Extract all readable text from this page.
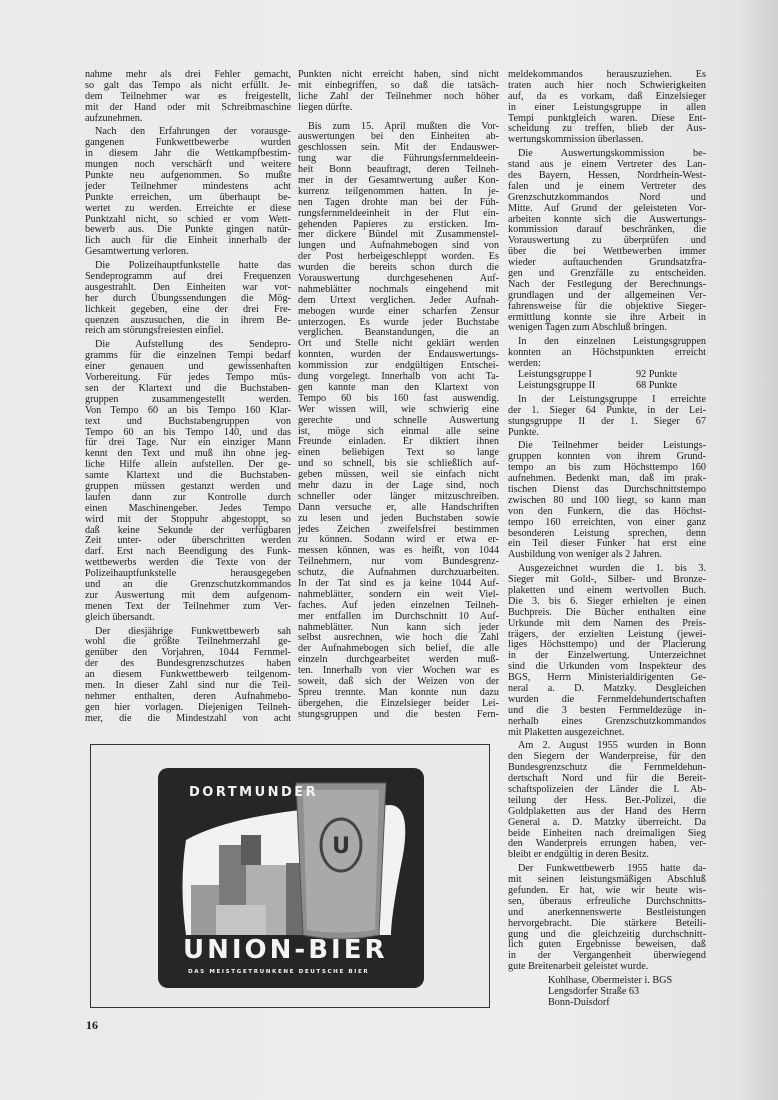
nahme mehr als drei Fehler gemacht,
so galt das Tempo als nicht erfüllt. Je-
dem Teilnehmer war es freigestellt,
mit der Hand oder mit Schreibmaschine
aufzunehmen.
Nach den Erfahrungen der vorausge-
gangenen Funkwettbewerbe wurden
in diesem Jahr die Wettkampfbestim-
mungen noch verschärft und weitere
Punkte neu aufgenommen. So mußte
jeder Teilnehmer mindestens acht
Punkte erreichen, um überhaupt be-
wertet zu werden. Erreichte er diese
Punktzahl nicht, so schied er vom Wett-
bewerb aus. Die Punkte gingen natür-
lich auch für die Einheit innerhalb der
Gesamtwertung verloren.
Die Polizeihauptfunkstelle hatte das
Sendeprogramm auf drei Frequenzen
ausgestrahlt. Den Einheiten war vor-
her durch Übungssendungen die Mög-
lichkeit gegeben, eine der drei Fre-
quenzen auszusuchen, die in ihrem Be-
reich am störungsfreiesten einfiel.
Die Aufstellung des Sendepro-
gramms für die einzelnen Tempi bedarf
einer genauen und gewissenhaften
Vorbereitung. Für jedes Tempo müs-
sen der Klartext und die Buchstaben-
gruppen zusammengestellt werden.
Von Tempo 60 an bis Tempo 160 Klar-
text und Buchstabengruppen von
Tempo 60 an bis Tempo 140, und das
für drei Tage. Nur ein einziger Mann
kennt den Text und muß ihn ohne jeg-
liche Hilfe allein aufstellen. Der ge-
samte Klartext und die Buchstaben-
gruppen müssen gestanzt werden und
laufen dann zur Kontrolle durch
einen Maschinengeber. Jedes Tempo
wird mit der Stoppuhr abgestoppt, so
daß keine Sekunde der verfügbaren
Zeit unter- oder überschritten werden
darf. Erst nach Beendigung des Funk-
wettbewerbs werden die Texte von der
Polizeihauptfunkstelle herausgegeben
und an die Grenzschutzkommandos
zur Auswertung mit dem aufgenom-
menen Text der Teilnehmer zum Ver-
gleich übersandt.
Der diesjährige Funkwettbewerb sah
wohl die größte Teilnehmerzahl ge-
genüber den Vorjahren, 1044 Fernmel-
der des Bundesgrenzschutzes haben
an diesem Funkwettbewerb teilgenom-
men. In dieser Zahl sind nur die Teil-
nehmer enthalten, deren Aufnahmebo-
gen hier vorlagen. Diejenigen Teilneh-
mer, die die Mindestzahl von acht
Punkten nicht erreicht haben, sind nicht
mit einbegriffen, so daß die tatsäch-
liche Zahl der Teilnehmer noch höher
liegen dürfte.
Bis zum 15. April mußten die Vor-
auswertungen bei den Einheiten ab-
geschlossen sein. Mit der Endauswer-
tung war die Führungsfernmeldeein-
heit Bonn beauftragt, deren Teilneh-
mer in der Gesamtwertung außer Kon-
kurrenz teilgenommen hatten. In je-
nen Tagen drohte man bei der Füh-
rungsfernmeldeeinheit in der Flut ein-
gehenden Papieres zu ersticken. Im-
mer dickere Bündel mit Zusammenstel-
lungen und Aufnahmebogen sind von
der Post herbeigeschleppt worden. Es
wurden die bereits schon durch die
Vorauswertung durchgesehenen Auf-
nahmeblätter nochmals eingehend mit
dem Urtext verglichen. Jeder Aufnah-
mebogen wurde einer scharfen Zensur
unterzogen. Es wurde jeder Buchstabe
verglichen. Beanstandungen, die an
Ort und Stelle nicht geklärt werden
konnten, wurden der Endauswertungs-
kommission zur endgültigen Entschei-
dung vorgelegt. Innerhalb von acht Ta-
gen kannte man den Klartext von
Tempo 60 bis 160 fast auswendig.
Wer wissen will, wie schwierig eine
gerechte und schnelle Auswertung
ist, möge sich einmal alle seine
Freunde einladen. Er diktiert ihnen
einen beliebigen Text so lange
und so schnell, bis sie schließlich auf-
geben müssen, weil sie einfach nicht
mehr dazu in der Lage sind, noch
schneller oder länger mitzuschreiben.
Dann versuche er, alle Handschriften
zu lesen und jeden Buchstaben sowie
jedes Zeichen zweifelsfrei bestimmen
zu können. Sodann wird er etwa er-
messen können, was es heißt, von 1044
Teilnehmern, nur vom Bundesgrenz-
schutz, die Aufnahmen durchzuarbeiten.
In der Tat sind es ja keine 1044 Auf-
nahmeblätter, sondern ein weit Viel-
faches. Auf jeden einzelnen Teilneh-
mer entfallen im Durchschnitt 10 Auf-
nahmeblätter. Nun kann sich jeder
selbst ausrechnen, wie hoch die Zahl
der Aufnahmebogen sich belief, die alle
einzeln durchgearbeitet werden muß-
ten. Innerhalb von vier Wochen war es
soweit, daß sich der Weizen von der
Spreu trennte. Man konnte nun dazu
übergehen, die Einzelsieger beider Lei-
stungsgruppen und die besten Fern-
meldekommandos herauszuziehen. Es
traten auch hier noch Schwierigkeiten
auf, da es vorkam, daß Einzelsieger
in einer Leistungsgruppe in allen
Tempi punktgleich waren. Diese Ent-
scheidung zu treffen, blieb der Aus-
wertungskommission überlassen.
Die Auswertungskommission be-
stand aus je einem Vertreter des Lan-
des Bayern, Hessen, Nordrhein-West-
falen und je einem Vertreter des
Grenzschutzkommandos Nord und
Mitte. Auf Grund der geleisteten Vor-
arbeiten konnte sich die Auswertungs-
kommission darauf beschränken, die
Vorauswertung zu überprüfen und
über die bei Wettbewerben immer
wieder auftauchenden Grundsatzfra-
gen und Grenzfälle zu entscheiden.
Nach der Festlegung der Berechnungs-
grundlagen und der allgemeinen Ver-
fahrensweise für die objektive Sieger-
ermittlung konnte sie ihre Arbeit in
wenigen Tagen zum Abschluß bringen.
In den einzelnen Leistungsgruppen
konnten an Höchstpunkten erreicht
werden:
Leistungsgruppe I	92 Punkte
Leistungsgruppe II	68 Punkte
In der Leistungsgruppe I erreichte
der 1. Sieger 64 Punkte, in der Lei-
stungsgruppe II der 1. Sieger 67
Punkte.
Die Teilnehmer beider Leistungs-
gruppen konnten von ihrem Grund-
tempo an bis zum Höchsttempo 160
aufnehmen. Bedenkt man, daß im prak-
tischen Dienst das Durchschnittstempo
zwischen 80 und 100 liegt, so kann man
von den Funkern, die das Höchst-
tempo 160 erreichten, von einer ganz
besonderen Leistung sprechen, denn
ein Teil dieser Funker hat erst eine
Ausbildung von weniger als 2 Jahren.
Ausgezeichnet wurden die 1. bis 3.
Sieger mit Gold-, Silber- und Bronze-
plaketten und einem wertvollen Buch.
Die 3. bis 6. Sieger erhielten je einen
Buchpreis. Die Bücher enthalten eine
Urkunde mit dem Namen des Preis-
trägers, der erzielten Leistung (jewei-
liges Höchsttempo) und der Placierung
in der Einzelwertung. Unterzeichnet
sind die Urkunden vom Inspekteur des
BGS, Herrn Ministerialdirigenten Ge-
neral a. D. Matzky. Desgleichen
wurden die Fernmeldehundertschaften
und die 3 besten Fernmeldezüge in-
nerhalb eines Grenzschutzkommandos
mit Plaketten ausgezeichnet.
Am 2. August 1955 wurden in Bonn
den Siegern der Wanderpreise, für den
Bundesgrenzschutz die Fernmeldehun-
dertschaft Nord und für die Bereit-
schaftspolizeien der Länder die I. Ab-
teilung der Hess. Ber.-Polizei, die
Goldplaketten aus der Hand des Herrn
General a. D. Matzky überreicht. Da
beide Einheiten nach dreimaligen Sieg
den Wanderpreis errungen haben, ver-
bleibt er endgültig in deren Besitz.
Der Funkwettbewerb 1955 hatte da-
mit seinen leistungsmäßigen Abschluß
gefunden. Er hat, wie wir heute wis-
sen, überaus erfreuliche Durchschnitts-
und anerkennenswerte Bestleistungen
hervorgebracht. Die stärkere Beteili-
gung und die gleichzeitig durchschnitt-
lich guten Ergebnisse beweisen, daß
in der Vergangenheit überwiegend
gute Breitenarbeit geleistet wurde.
Kohlhase, Obermeister i. BGS
Lengsdorfer Straße 63
Bonn-Duisdorf
U
DORTMUNDER
UNION-BIER
DAS MEISTGETRUNKENE DEUTSCHE BIER
16
